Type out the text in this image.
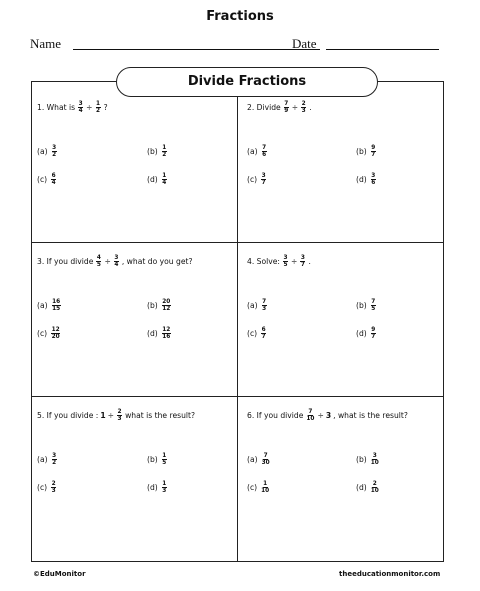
Fractions
Name	Date
Divide Fractions
1. What is $\frac{3}{4} \div \frac{1}{2}$ ?
$(a) \frac{3}{2}$	$(b) \frac{1}{2}$
$(c) \frac{6}{4}$	$(d) \frac{1}{4}$
2. Divide $\frac{7}{9} \div \frac{2}{3}$ .
$(a) \frac{7}{6}$	$(b) \frac{9}{7}$
$(c) \frac{3}{7}$	$(d) \frac{3}{6}$
3. If you divide $\frac{4}{5} \div \frac{3}{4}$ , what do you get?
$(a) \frac{16}{15}$	$(b) \frac{20}{12}$
$(c) \frac{12}{20}$	$(d) \frac{12}{16}$
4. Solve: $\frac{3}{5} \div \frac{3}{7}$ .
$(a) \frac{7}{3}$	$(b) \frac{7}{5}$
$(c) \frac{6}{7}$	$(d) \frac{9}{7}$
5. If you divide : $1 \div \frac{2}{3}$ what is the result?
$(a) \frac{3}{2}$	$(b) \frac{1}{5}$
$(c) \frac{2}{3}$	$(d) \frac{1}{3}$
6. If you divide $\frac{7}{10} \div 3$ , what is the result?
$(a) \frac{7}{30}$	$(b) \frac{3}{10}$
$(c) \frac{1}{10}$	$(d) \frac{2}{10}$
©EduMonitor	theeducationmonitor.com
